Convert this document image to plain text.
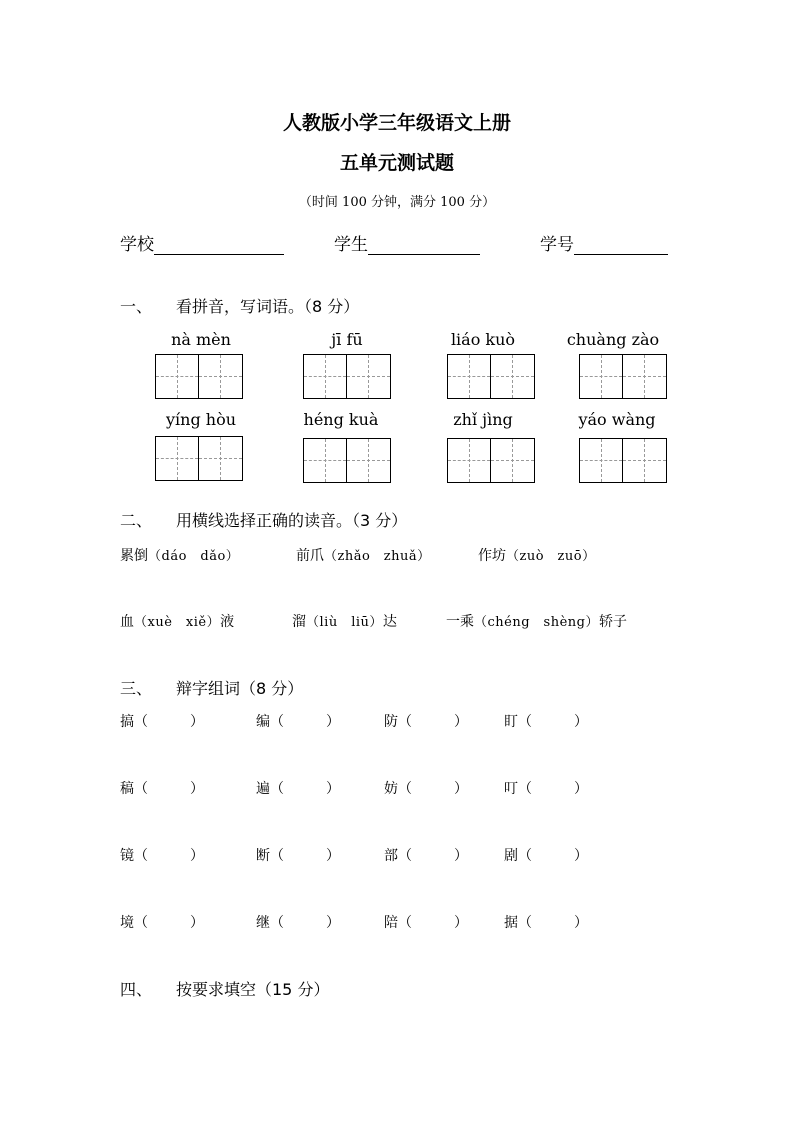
人教版小学三年级语文上册
五单元测试题
（时间 100 分钟，满分 100 分）
学校	学生	学号
一、 看拼音，写词语。（8 分）
nà mèn	jī fū	liáo kuò	chuàng zào
yíng hòu	héng kuà	zhǐ jìng	yáo wàng
二、 用横线选择正确的读音。（3 分）
累倒（dáo　dǎo）	前爪（zhǎo　zhuǎ）	作坊（zuò　zuō）
血（xuè　xiě）液	溜（liù　liū）达	一乘（chéng　shèng）轿子
三、 辩字组词（8 分）
搞（　　　）	编（　　　）	防（　　　）	盯（　　　）
稿（　　　）	遍（　　　）	妨（　　　）	叮（　　　）
镜（　　　）	断（　　　）	部（　　　）	剧（　　　）
境（　　　）	继（　　　）	陪（　　　）	据（　　　）
四、 按要求填空（15 分）
